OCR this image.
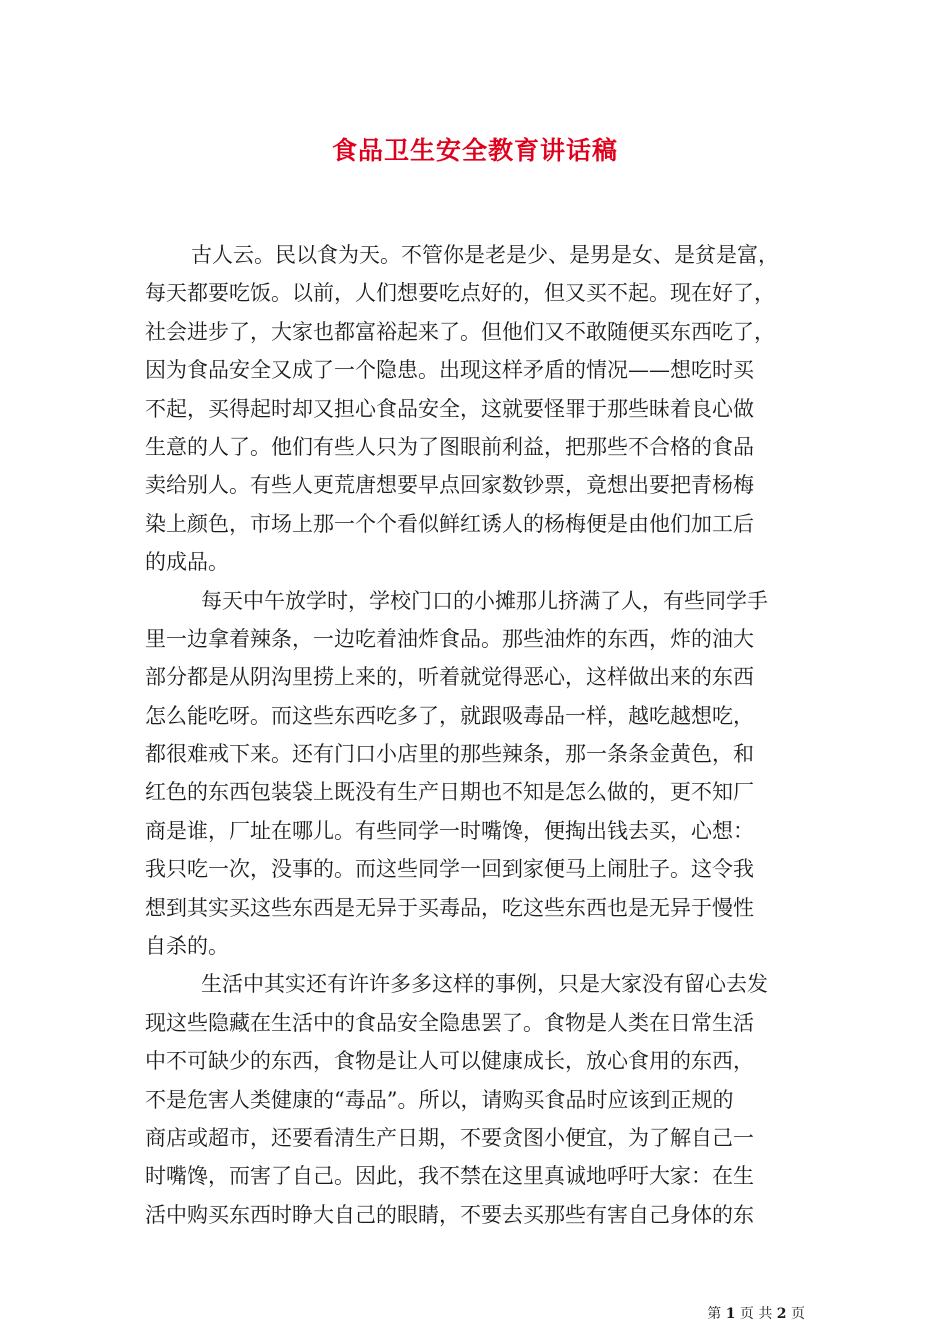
食品卫生安全教育讲话稿
古人云。民以食为天。不管你是老是少、是男是女、是贫是富，
每天都要吃饭。以前，人们想要吃点好的，但又买不起。现在好了，
社会进步了，大家也都富裕起来了。但他们又不敢随便买东西吃了，
因为食品安全又成了一个隐患。出现这样矛盾的情况——想吃时买
不起，买得起时却又担心食品安全，这就要怪罪于那些昧着良心做
生意的人了。他们有些人只为了图眼前利益，把那些不合格的食品
卖给别人。有些人更荒唐想要早点回家数钞票，竟想出要把青杨梅
染上颜色，市场上那一个个看似鲜红诱人的杨梅便是由他们加工后
的成品。
每天中午放学时，学校门口的小摊那儿挤满了人，有些同学手
里一边拿着辣条，一边吃着油炸食品。那些油炸的东西，炸的油大
部分都是从阴沟里捞上来的，听着就觉得恶心，这样做出来的东西
怎么能吃呀。而这些东西吃多了，就跟吸毒品一样，越吃越想吃，
都很难戒下来。还有门口小店里的那些辣条，那一条条金黄色，和
红色的东西包装袋上既没有生产日期也不知是怎么做的，更不知厂
商是谁，厂址在哪儿。有些同学一时嘴馋，便掏出钱去买，心想：
我只吃一次，没事的。而这些同学一回到家便马上闹肚子。这令我
想到其实买这些东西是无异于买毒品，吃这些东西也是无异于慢性
自杀的。
生活中其实还有许许多多这样的事例，只是大家没有留心去发
现这些隐藏在生活中的食品安全隐患罢了。食物是人类在日常生活
中不可缺少的东西，食物是让人可以健康成长，放心食用的东西，
不是危害人类健康的“毒品”。所以，请购买食品时应该到正规的
商店或超市，还要看清生产日期，不要贪图小便宜，为了解自己一
时嘴馋，而害了自己。因此，我不禁在这里真诚地呼吁大家：在生
活中购买东西时睁大自己的眼睛，不要去买那些有害自己身体的东
第 1 页 共 2 页
